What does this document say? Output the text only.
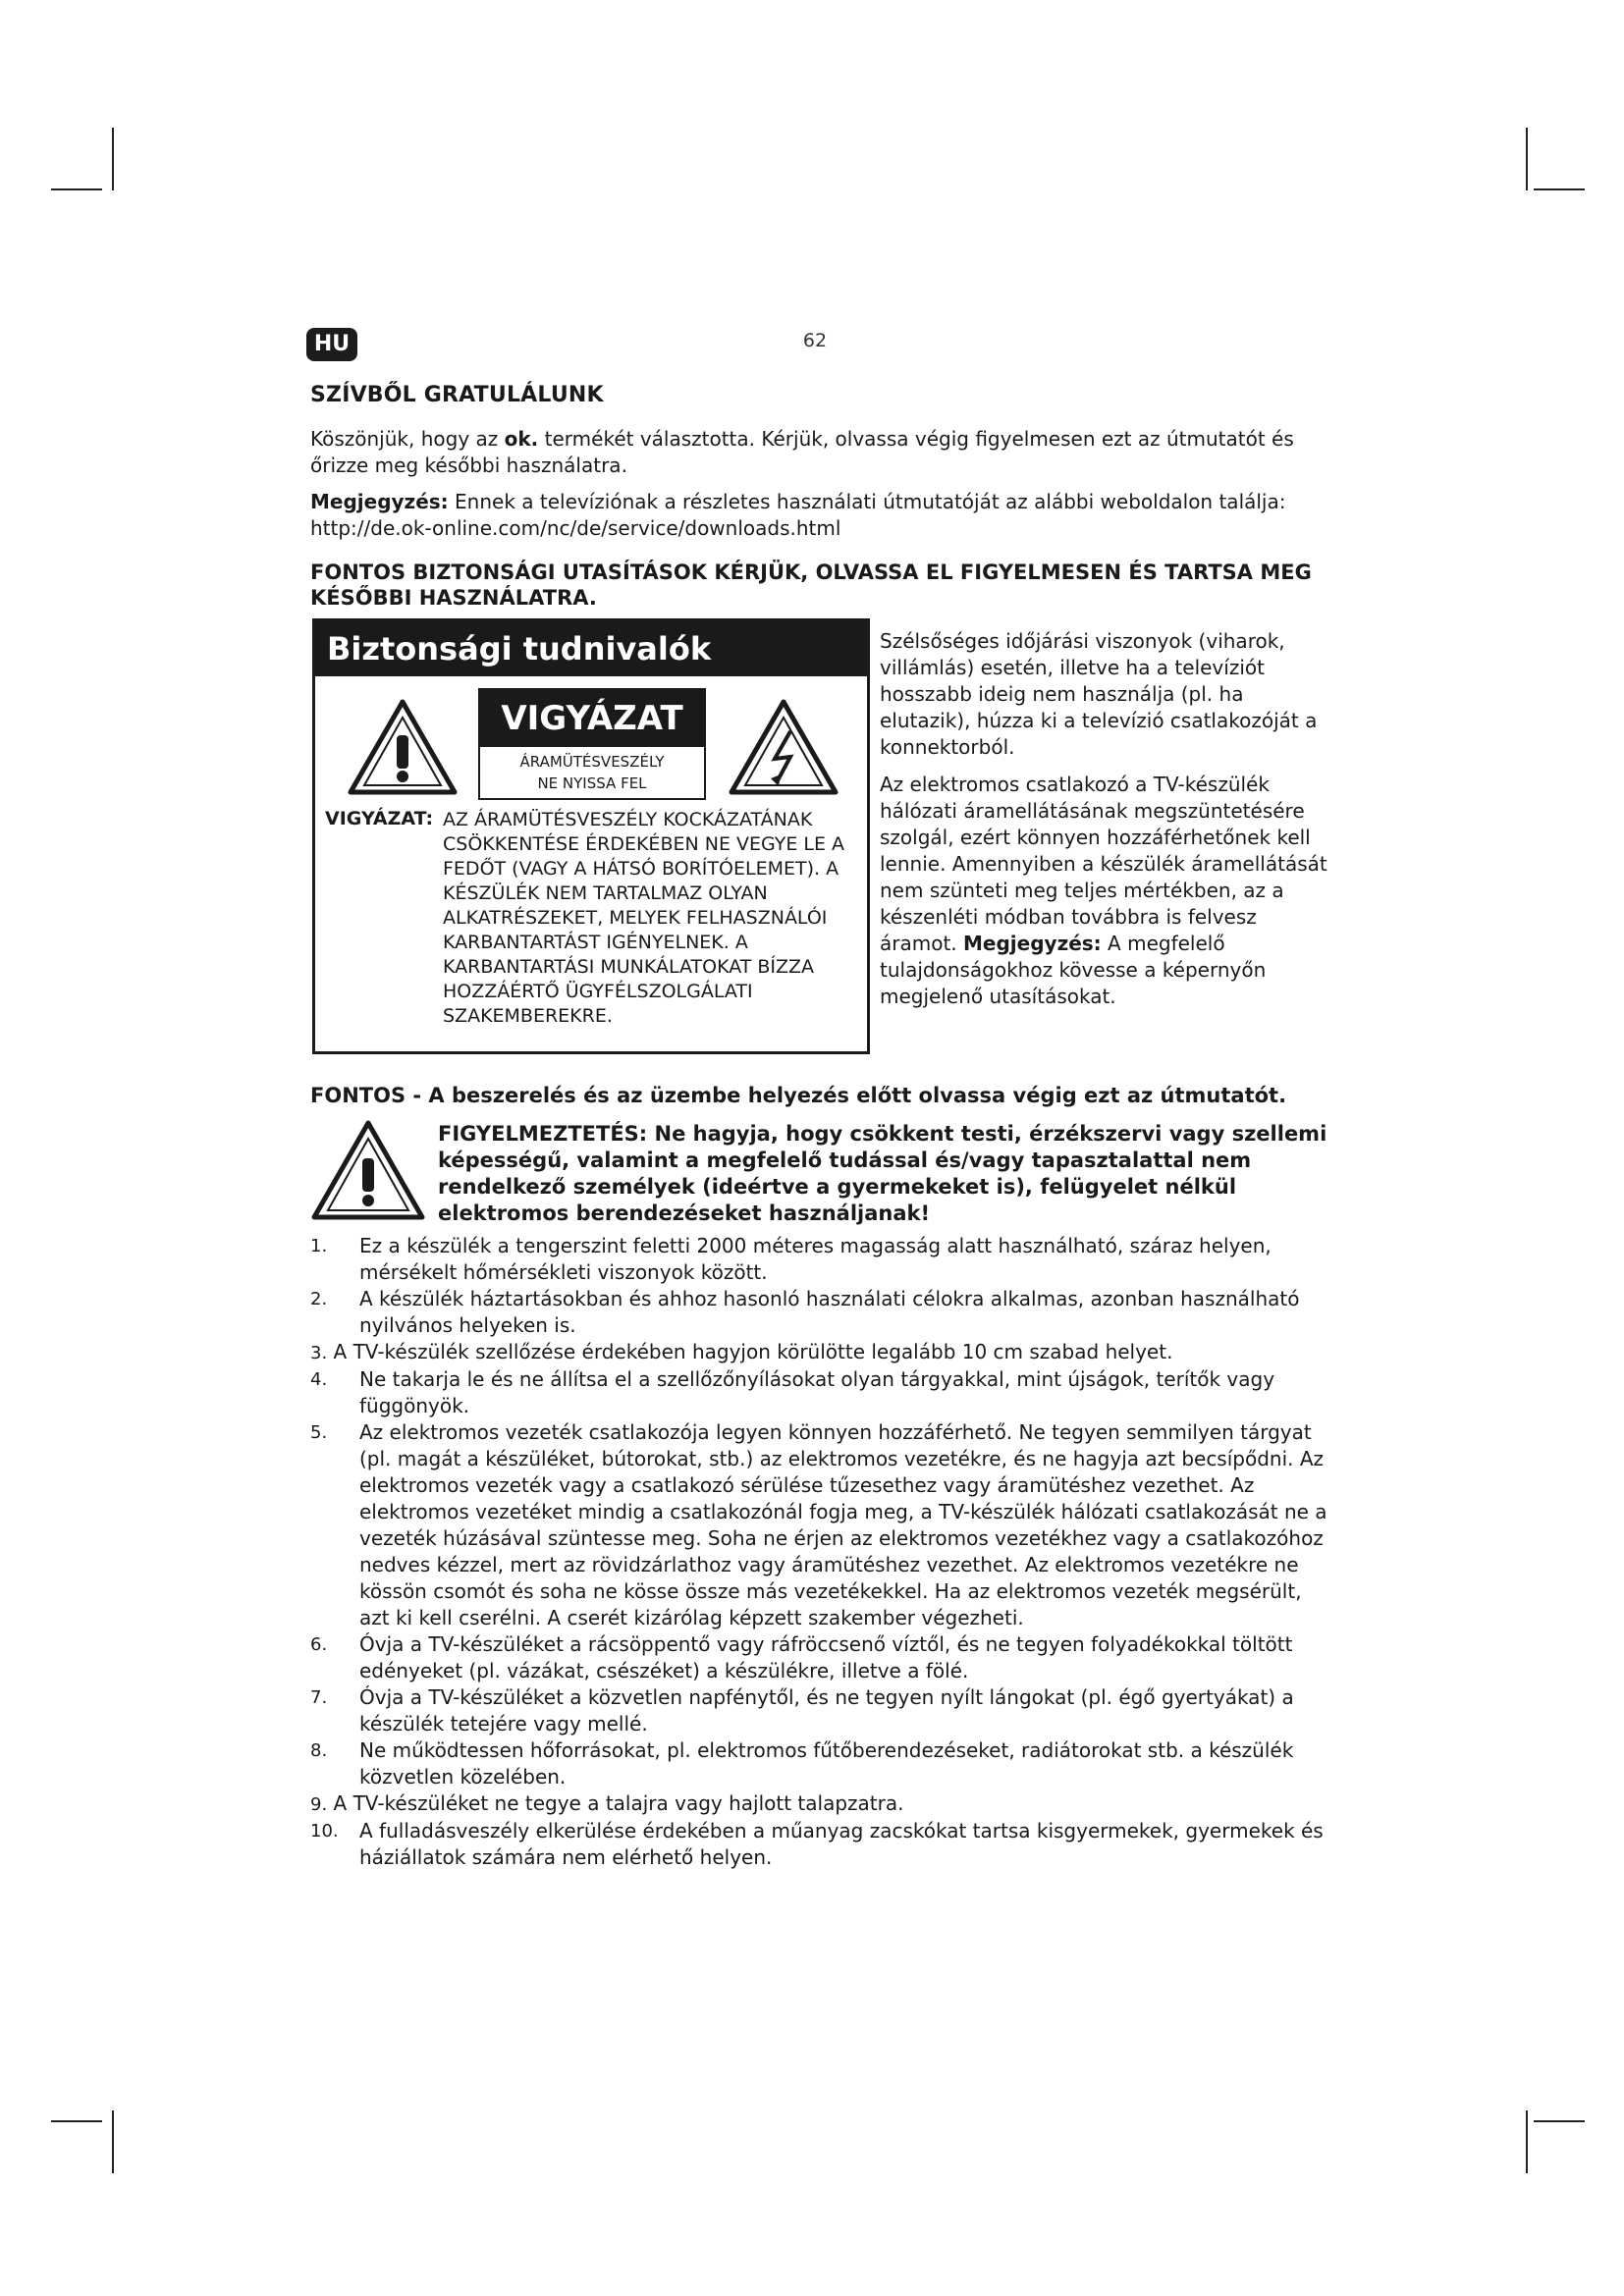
HU	62
SZÍVBŐL GRATULÁLUNK
Köszönjük, hogy az ok. termékét választotta. Kérjük, olvassa végig figyelmesen ezt az útmutatót és őrizze meg későbbi használatra.
Megjegyzés: Ennek a televíziónak a részletes használati útmutatóját az alábbi weboldalon találja: http://de.ok-online.com/nc/de/service/downloads.html
FONTOS BIZTONSÁGI UTASÍTÁSOK KÉRJÜK, OLVASSA EL FIGYELMESEN ÉS TARTSA MEG KÉSŐBBI HASZNÁLATRA.
Biztonsági tudnivalók
VIGYÁZAT
ÁRAMÜTÉSVESZÉLY
NE NYISSA FEL
VIGYÁZAT: AZ ÁRAMÜTÉSVESZÉLY KOCKÁZATÁNAK CSÖKKENTÉSE ÉRDEKÉBEN NE VEGYE LE A FEDŐT (VAGY A HÁTSÓ BORÍTÓELEMET). A KÉSZÜLÉK NEM TARTALMAZ OLYAN ALKATRÉSZEKET, MELYEK FELHASZNÁLÓI KARBANTARTÁST IGÉNYELNEK. A KARBANTARTÁSI MUNKÁLATOKAT BÍZZA HOZZÁÉRTŐ ÜGYFÉLSZOLGÁLATI SZAKEMBEREKRE.

Szélsőséges időjárási viszonyok (viharok, villámlás) esetén, illetve ha a televíziót hosszabb ideig nem használja (pl. ha elutazik), húzza ki a televízió csatlakozóját a konnektorból.

Az elektromos csatlakozó a TV-készülék hálózati áramellátásának megszüntetésére szolgál, ezért könnyen hozzáférhetőnek kell lennie. Amennyiben a készülék áramellátását nem szünteti meg teljes mértékben, az a készenléti módban továbbra is felvesz áramot. Megjegyzés: A megfelelő tulajdonságokhoz kövesse a képernyőn megjelenő utasításokat.

FONTOS - A beszerelés és az üzembe helyezés előtt olvassa végig ezt az útmutatót.
FIGYELMEZTETÉS: Ne hagyja, hogy csökkent testi, érzékszervi vagy szellemi képességű, valamint a megfelelő tudással és/vagy tapasztalattal nem rendelkező személyek (ideértve a gyermekeket is), felügyelet nélkül elektromos berendezéseket használjanak!
1. Ez a készülék a tengerszint feletti 2000 méteres magasság alatt használható, száraz helyen, mérsékelt hőmérsékleti viszonyok között.
2. A készülék háztartásokban és ahhoz hasonló használati célokra alkalmas, azonban használható nyilvános helyeken is.
3. A TV-készülék szellőzése érdekében hagyjon körülötte legalább 10 cm szabad helyet.
4. Ne takarja le és ne állítsa el a szellőzőnyílásokat olyan tárgyakkal, mint újságok, terítők vagy függönyök.
5. Az elektromos vezeték csatlakozója legyen könnyen hozzáférhető. Ne tegyen semmilyen tárgyat (pl. magát a készüléket, bútorokat, stb.) az elektromos vezetékre, és ne hagyja azt becsípődni. Az elektromos vezeték vagy a csatlakozó sérülése tűzesethez vagy áramütéshez vezethet. Az elektromos vezetéket mindig a csatlakozónál fogja meg, a TV-készülék hálózati csatlakozását ne a vezeték húzásával szüntesse meg. Soha ne érjen az elektromos vezetékhez vagy a csatlakozóhoz nedves kézzel, mert az rövidzárlathoz vagy áramütéshez vezethet. Az elektromos vezetékre ne kössön csomót és soha ne kösse össze más vezetékekkel. Ha az elektromos vezeték megsérült, azt ki kell cserélni. A cserét kizárólag képzett szakember végezheti.
6. Óvja a TV-készüléket a rácsöppentő vagy ráfröccsenő víztől, és ne tegyen folyadékokkal töltött edényeket (pl. vázákat, csészéket) a készülékre, illetve a fölé.
7. Óvja a TV-készüléket a közvetlen napfénytől, és ne tegyen nyílt lángokat (pl. égő gyertyákat) a készülék tetejére vagy mellé.
8. Ne működtessen hőforrásokat, pl. elektromos fűtőberendezéseket, radiátorokat stb. a készülék közvetlen közelében.
9. A TV-készüléket ne tegye a talajra vagy hajlott talapzatra.
10. A fulladásveszély elkerülése érdekében a műanyag zacskókat tartsa kisgyermekek, gyermekek és háziállatok számára nem elérhető helyen.
